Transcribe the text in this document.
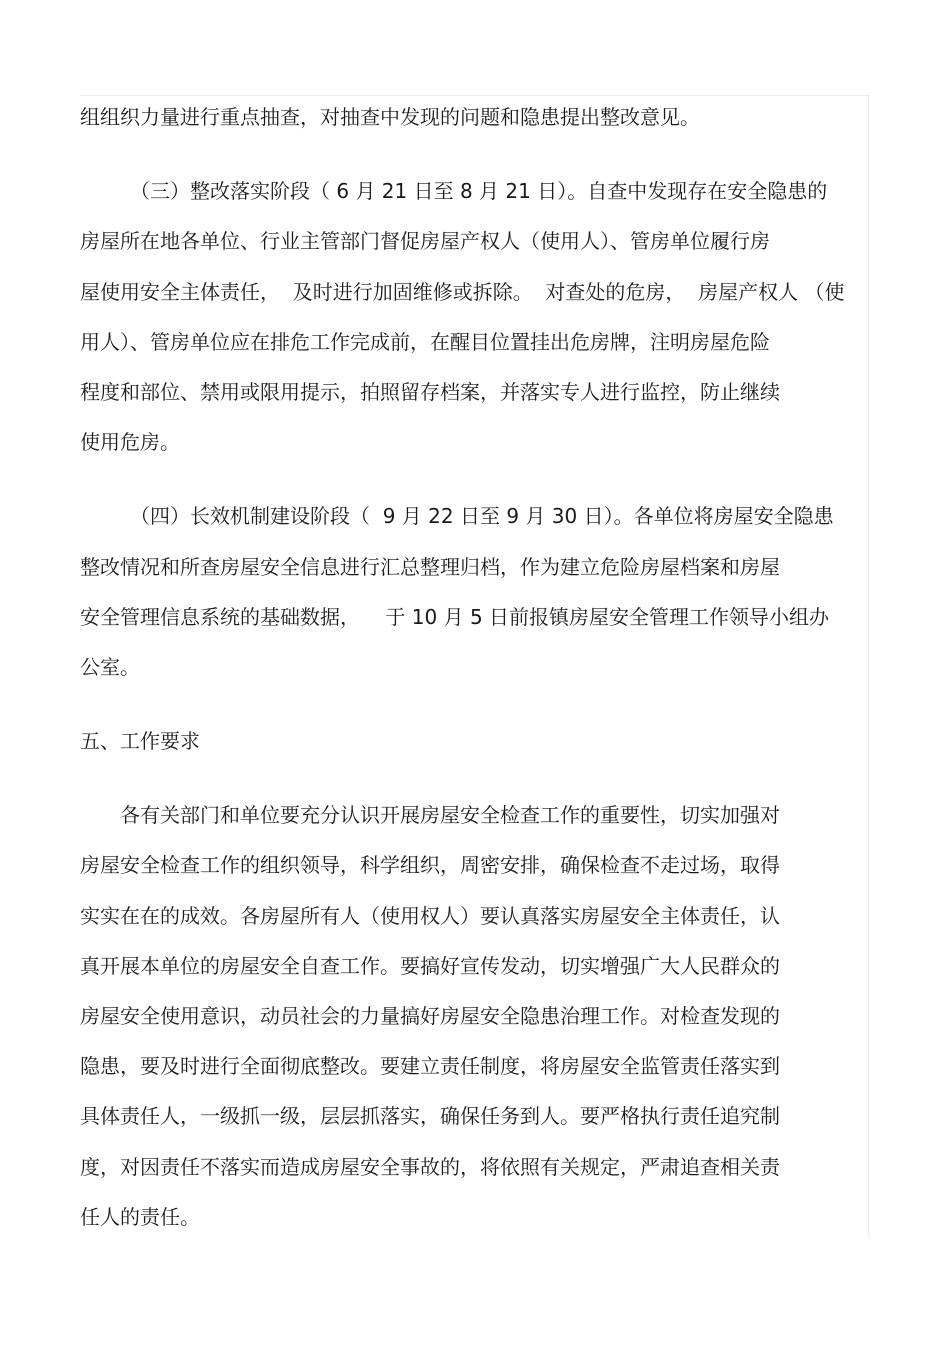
组组织力量进行重点抽查，对抽查中发现的问题和隐患提出整改意见。
（三）整改落实阶段（ 6 月 21 日至 8 月 21 日）。自查中发现存在安全隐患的
房屋所在地各单位、行业主管部门督促房屋产权人（使用人）、管房单位履行房
屋使用安全主体责任，  及时进行加固维修或拆除。  对查处的危房，  房屋产权人 （使
用人）、管房单位应在排危工作完成前，在醒目位置挂出危房牌，注明房屋危险
程度和部位、禁用或限用提示，拍照留存档案，并落实专人进行监控，防止继续
使用危房。
（四）长效机制建设阶段（  9 月 22 日至 9 月 30 日）。各单位将房屋安全隐患
整改情况和所查房屋安全信息进行汇总整理归档，作为建立危险房屋档案和房屋
安全管理信息系统的基础数据，    于 10 月 5 日前报镇房屋安全管理工作领导小组办
公室。
五、工作要求
各有关部门和单位要充分认识开展房屋安全检查工作的重要性，切实加强对
房屋安全检查工作的组织领导，科学组织，周密安排，确保检查不走过场，取得
实实在在的成效。各房屋所有人（使用权人）要认真落实房屋安全主体责任，认
真开展本单位的房屋安全自查工作。要搞好宣传发动，切实增强广大人民群众的
房屋安全使用意识，动员社会的力量搞好房屋安全隐患治理工作。对检查发现的
隐患，要及时进行全面彻底整改。要建立责任制度，将房屋安全监管责任落实到
具体责任人，一级抓一级，层层抓落实，确保任务到人。要严格执行责任追究制
度，对因责任不落实而造成房屋安全事故的，将依照有关规定，严肃追查相关责
任人的责任。
